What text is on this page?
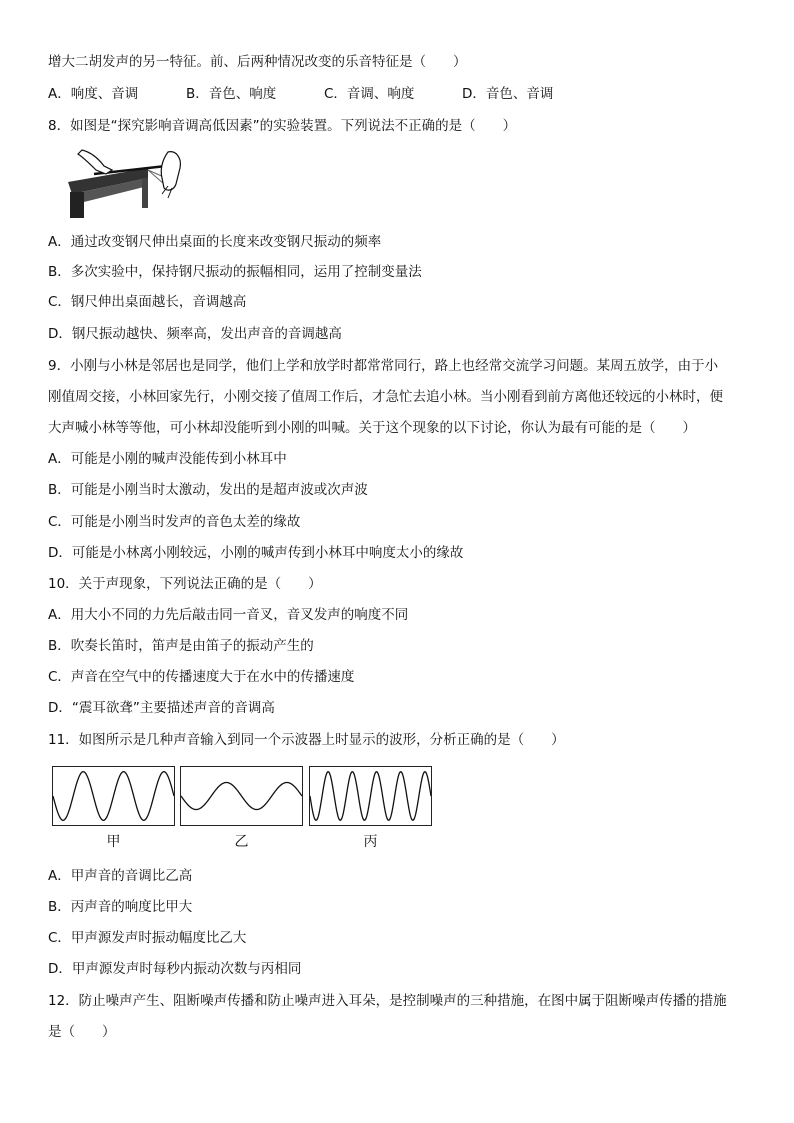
增大二胡发声的另一特征。前、后两种情况改变的乐音特征是（　　）
A．响度、音调	B．音色、响度	C．音调、响度	D．音色、音调
8．如图是“探究影响音调高低因素”的实验装置。下列说法不正确的是（　　）
A．通过改变钢尺伸出桌面的长度来改变钢尺振动的频率
B．多次实验中，保持钢尺振动的振幅相同，运用了控制变量法
C．钢尺伸出桌面越长，音调越高
D．钢尺振动越快、频率高，发出声音的音调越高
9．小刚与小林是邻居也是同学，他们上学和放学时都常常同行，路上也经常交流学习问题。某周五放学，由于小
刚值周交接，小林回家先行，小刚交接了值周工作后，才急忙去追小林。当小刚看到前方离他还较远的小林时，便
大声喊小林等等他，可小林却没能听到小刚的叫喊。关于这个现象的以下讨论，你认为最有可能的是（　　）
A．可能是小刚的喊声没能传到小林耳中
B．可能是小刚当时太激动，发出的是超声波或次声波
C．可能是小刚当时发声的音色太差的缘故
D．可能是小林离小刚较远，小刚的喊声传到小林耳中响度太小的缘故
10．关于声现象，下列说法正确的是（　　）
A．用大小不同的力先后敲击同一音叉，音叉发声的响度不同
B．吹奏长笛时，笛声是由笛子的振动产生的
C．声音在空气中的传播速度大于在水中的传播速度
D．“震耳欲聋”主要描述声音的音调高
11．如图所示是几种声音输入到同一个示波器上时显示的波形，分析正确的是（　　）
甲	乙	丙
A．甲声音的音调比乙高
B．丙声音的响度比甲大
C．甲声源发声时振动幅度比乙大
D．甲声源发声时每秒内振动次数与丙相同
12．防止噪声产生、阻断噪声传播和防止噪声进入耳朵，是控制噪声的三种措施，在图中属于阻断噪声传播的措施
是（　　）
